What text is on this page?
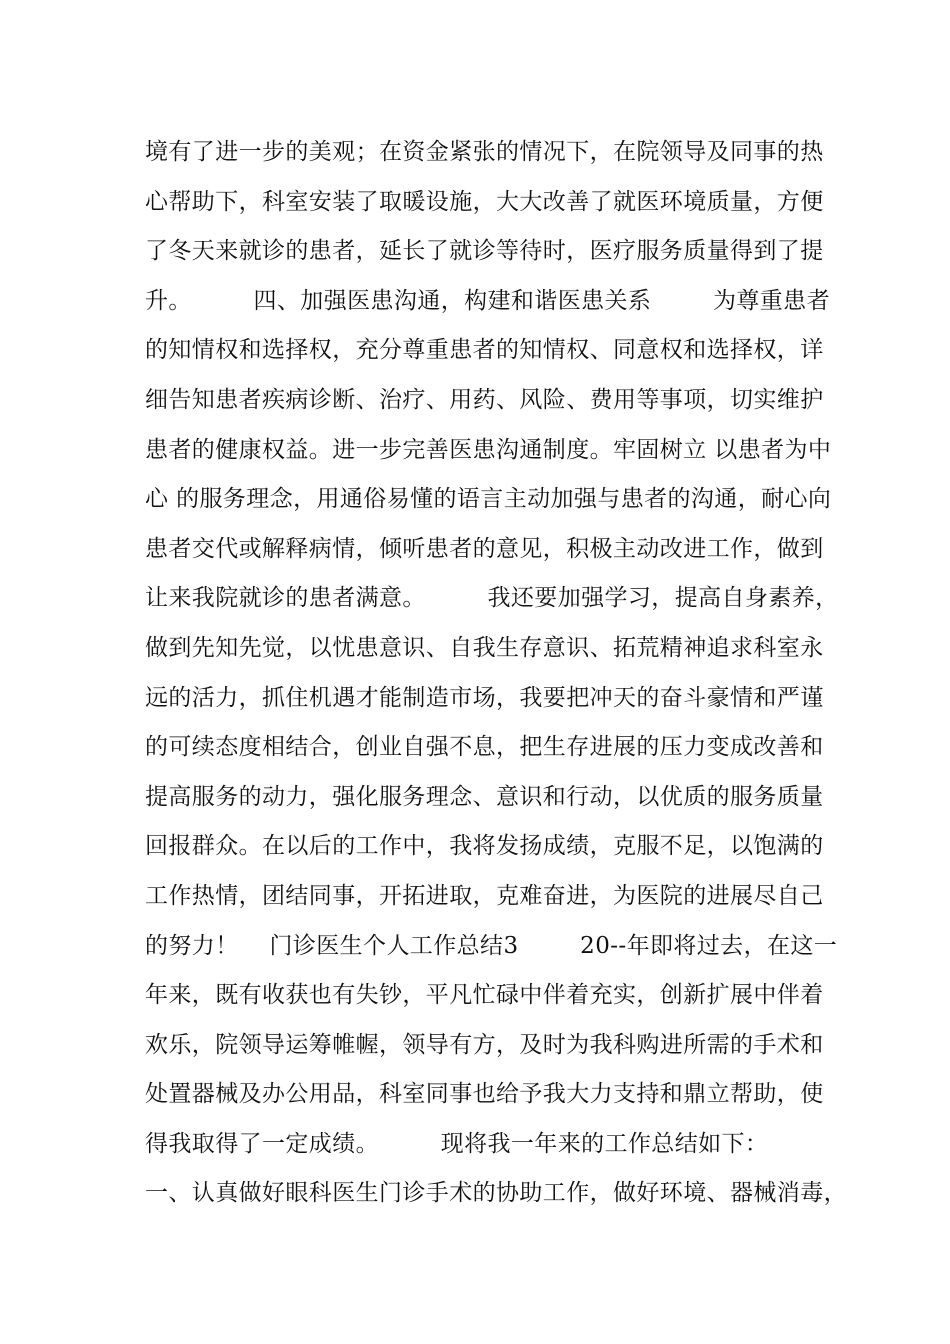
境有了进一步的美观；在资金紧张的情况下，在院领导及同事的热
心帮助下，科室安装了取暖设施，大大改善了就医环境质量，方便
了冬天来就诊的患者，延长了就诊等待时，医疗服务质量得到了提
升。        四、加强医患沟通，构建和谐医患关系        为尊重患者
的知情权和选择权，充分尊重患者的知情权、同意权和选择权，详
细告知患者疾病诊断、治疗、用药、风险、费用等事项，切实维护
患者的健康权益。进一步完善医患沟通制度。牢固树立 以患者为中
心 的服务理念，用通俗易懂的语言主动加强与患者的沟通，耐心向
患者交代或解释病情，倾听患者的意见，积极主动改进工作，做到
让来我院就诊的患者满意。        我还要加强学习，提高自身素养，
做到先知先觉，以忧患意识、自我生存意识、拓荒精神追求科室永
远的活力，抓住机遇才能制造市场，我要把冲天的奋斗豪情和严谨
的可续态度相结合，创业自强不息，把生存进展的压力变成改善和
提高服务的动力，强化服务理念、意识和行动，以优质的服务质量
回报群众。在以后的工作中，我将发扬成绩，克服不足，以饱满的
工作热情，团结同事，开拓进取，克难奋进，为医院的进展尽自己
的努力！    门诊医生个人工作总结3        20--年即将过去，在这一
年来，既有收获也有失钞，平凡忙碌中伴着充实，创新扩展中伴着
欢乐，院领导运筹帷幄，领导有方，及时为我科购进所需的手术和
处置器械及办公用品，科室同事也给予我大力支持和鼎立帮助，使
得我取得了一定成绩。        现将我一年来的工作总结如下：
一、认真做好眼科医生门诊手术的协助工作，做好环境、器械消毒，
